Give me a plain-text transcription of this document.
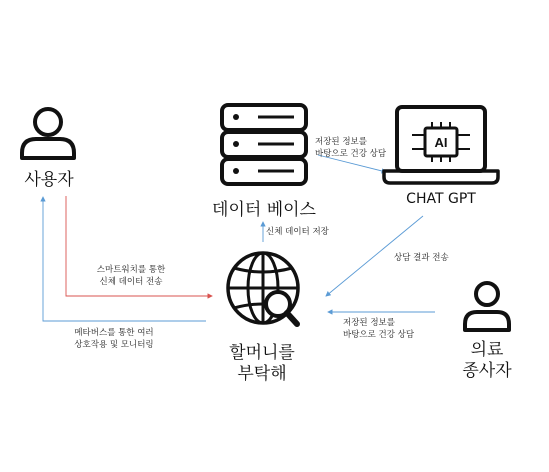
AI
사용자
데이터 베이스
CHAT GPT
할머니를
부탁해
의료
종사자
스마트워치를 통한
신체 데이터 전송
메타버스를 통한 여러
상호작용 및 모니터링
신체 데이터 저장
저장된 정보를
바탕으로 건강 상담
상담 결과 전송
저장된 정보를
바탕으로 건강 상담
